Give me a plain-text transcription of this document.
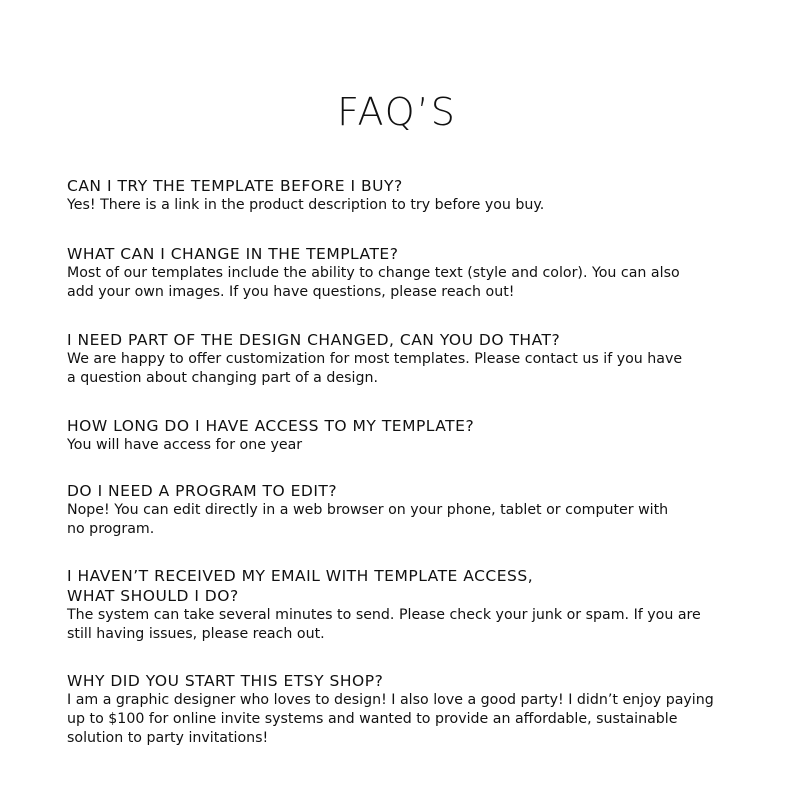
FAQ’S

CAN I TRY THE TEMPLATE BEFORE I BUY?

Yes! There is a link in the product description to try before you buy.

WHAT CAN I CHANGE IN THE TEMPLATE?

Most of our templates include the ability to change text (style and color). You can also
add your own images. If you have questions, please reach out!

I NEED PART OF THE DESIGN CHANGED, CAN YOU DO THAT?

We are happy to offer customization for most templates. Please contact us if you have
a question about changing part of a design.

HOW LONG DO I HAVE ACCESS TO MY TEMPLATE?

You will have access for one year

DO I NEED A PROGRAM TO EDIT?

Nope! You can edit directly in a web browser on your phone, tablet or computer with
no program.

I HAVEN’T RECEIVED MY EMAIL WITH TEMPLATE ACCESS,
WHAT SHOULD I DO?

The system can take several minutes to send. Please check your junk or spam. If you are
still having issues, please reach out.

WHY DID YOU START THIS ETSY SHOP?

I am a graphic designer who loves to design! I also love a good party! I didn’t enjoy paying
up to $100 for online invite systems and wanted to provide an affordable, sustainable
solution to party invitations!
